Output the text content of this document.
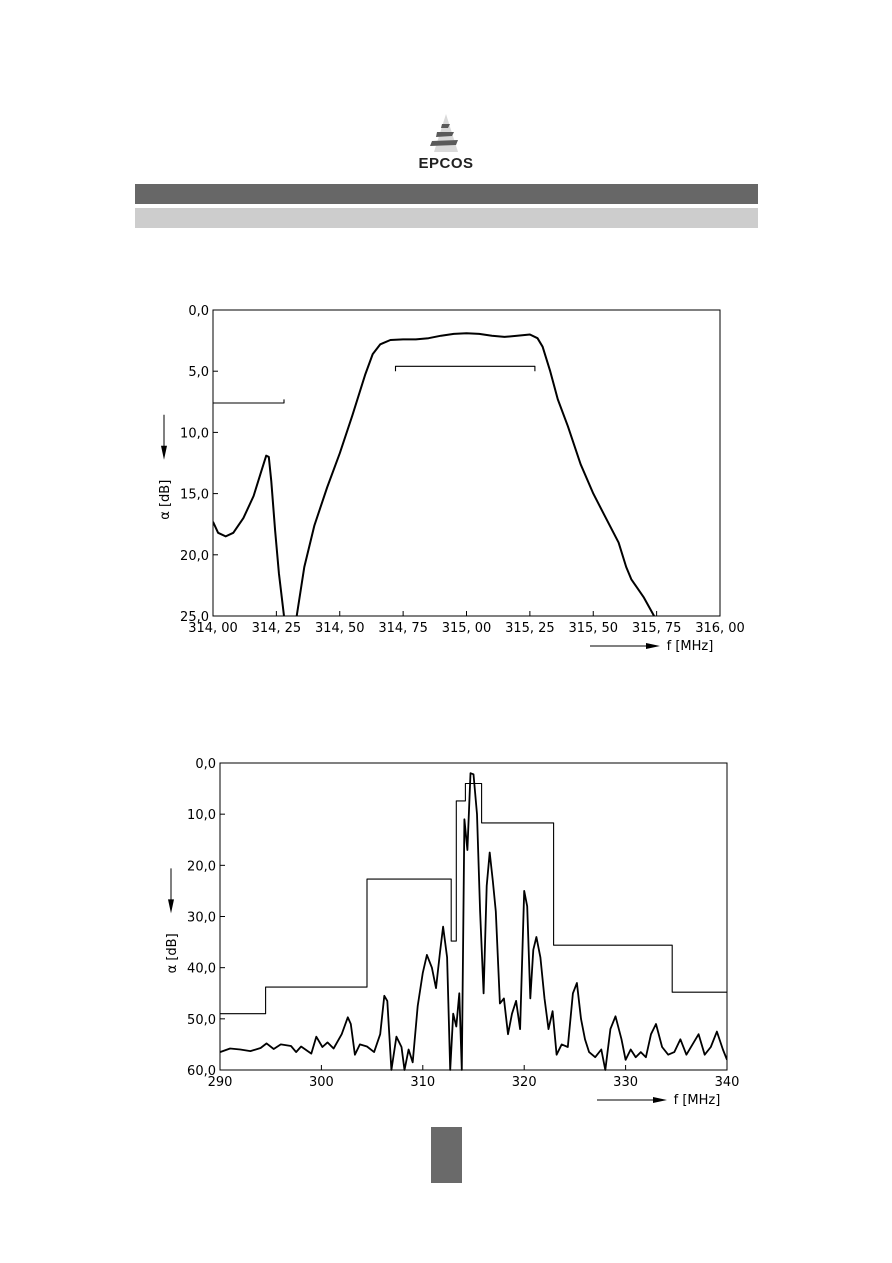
EPCOS
314, 00 314, 25 314, 50 314, 75 315, 00 315, 25 315, 50 315, 75 316, 00
0,0
5,0
10,0
15,0
20,0
25,0
f [MHz]
α [dB]
290	300	310	320	330	340
0,0
10,0
20,0
30,0
40,0
50,0
60,0
f [MHz]
α [dB]
